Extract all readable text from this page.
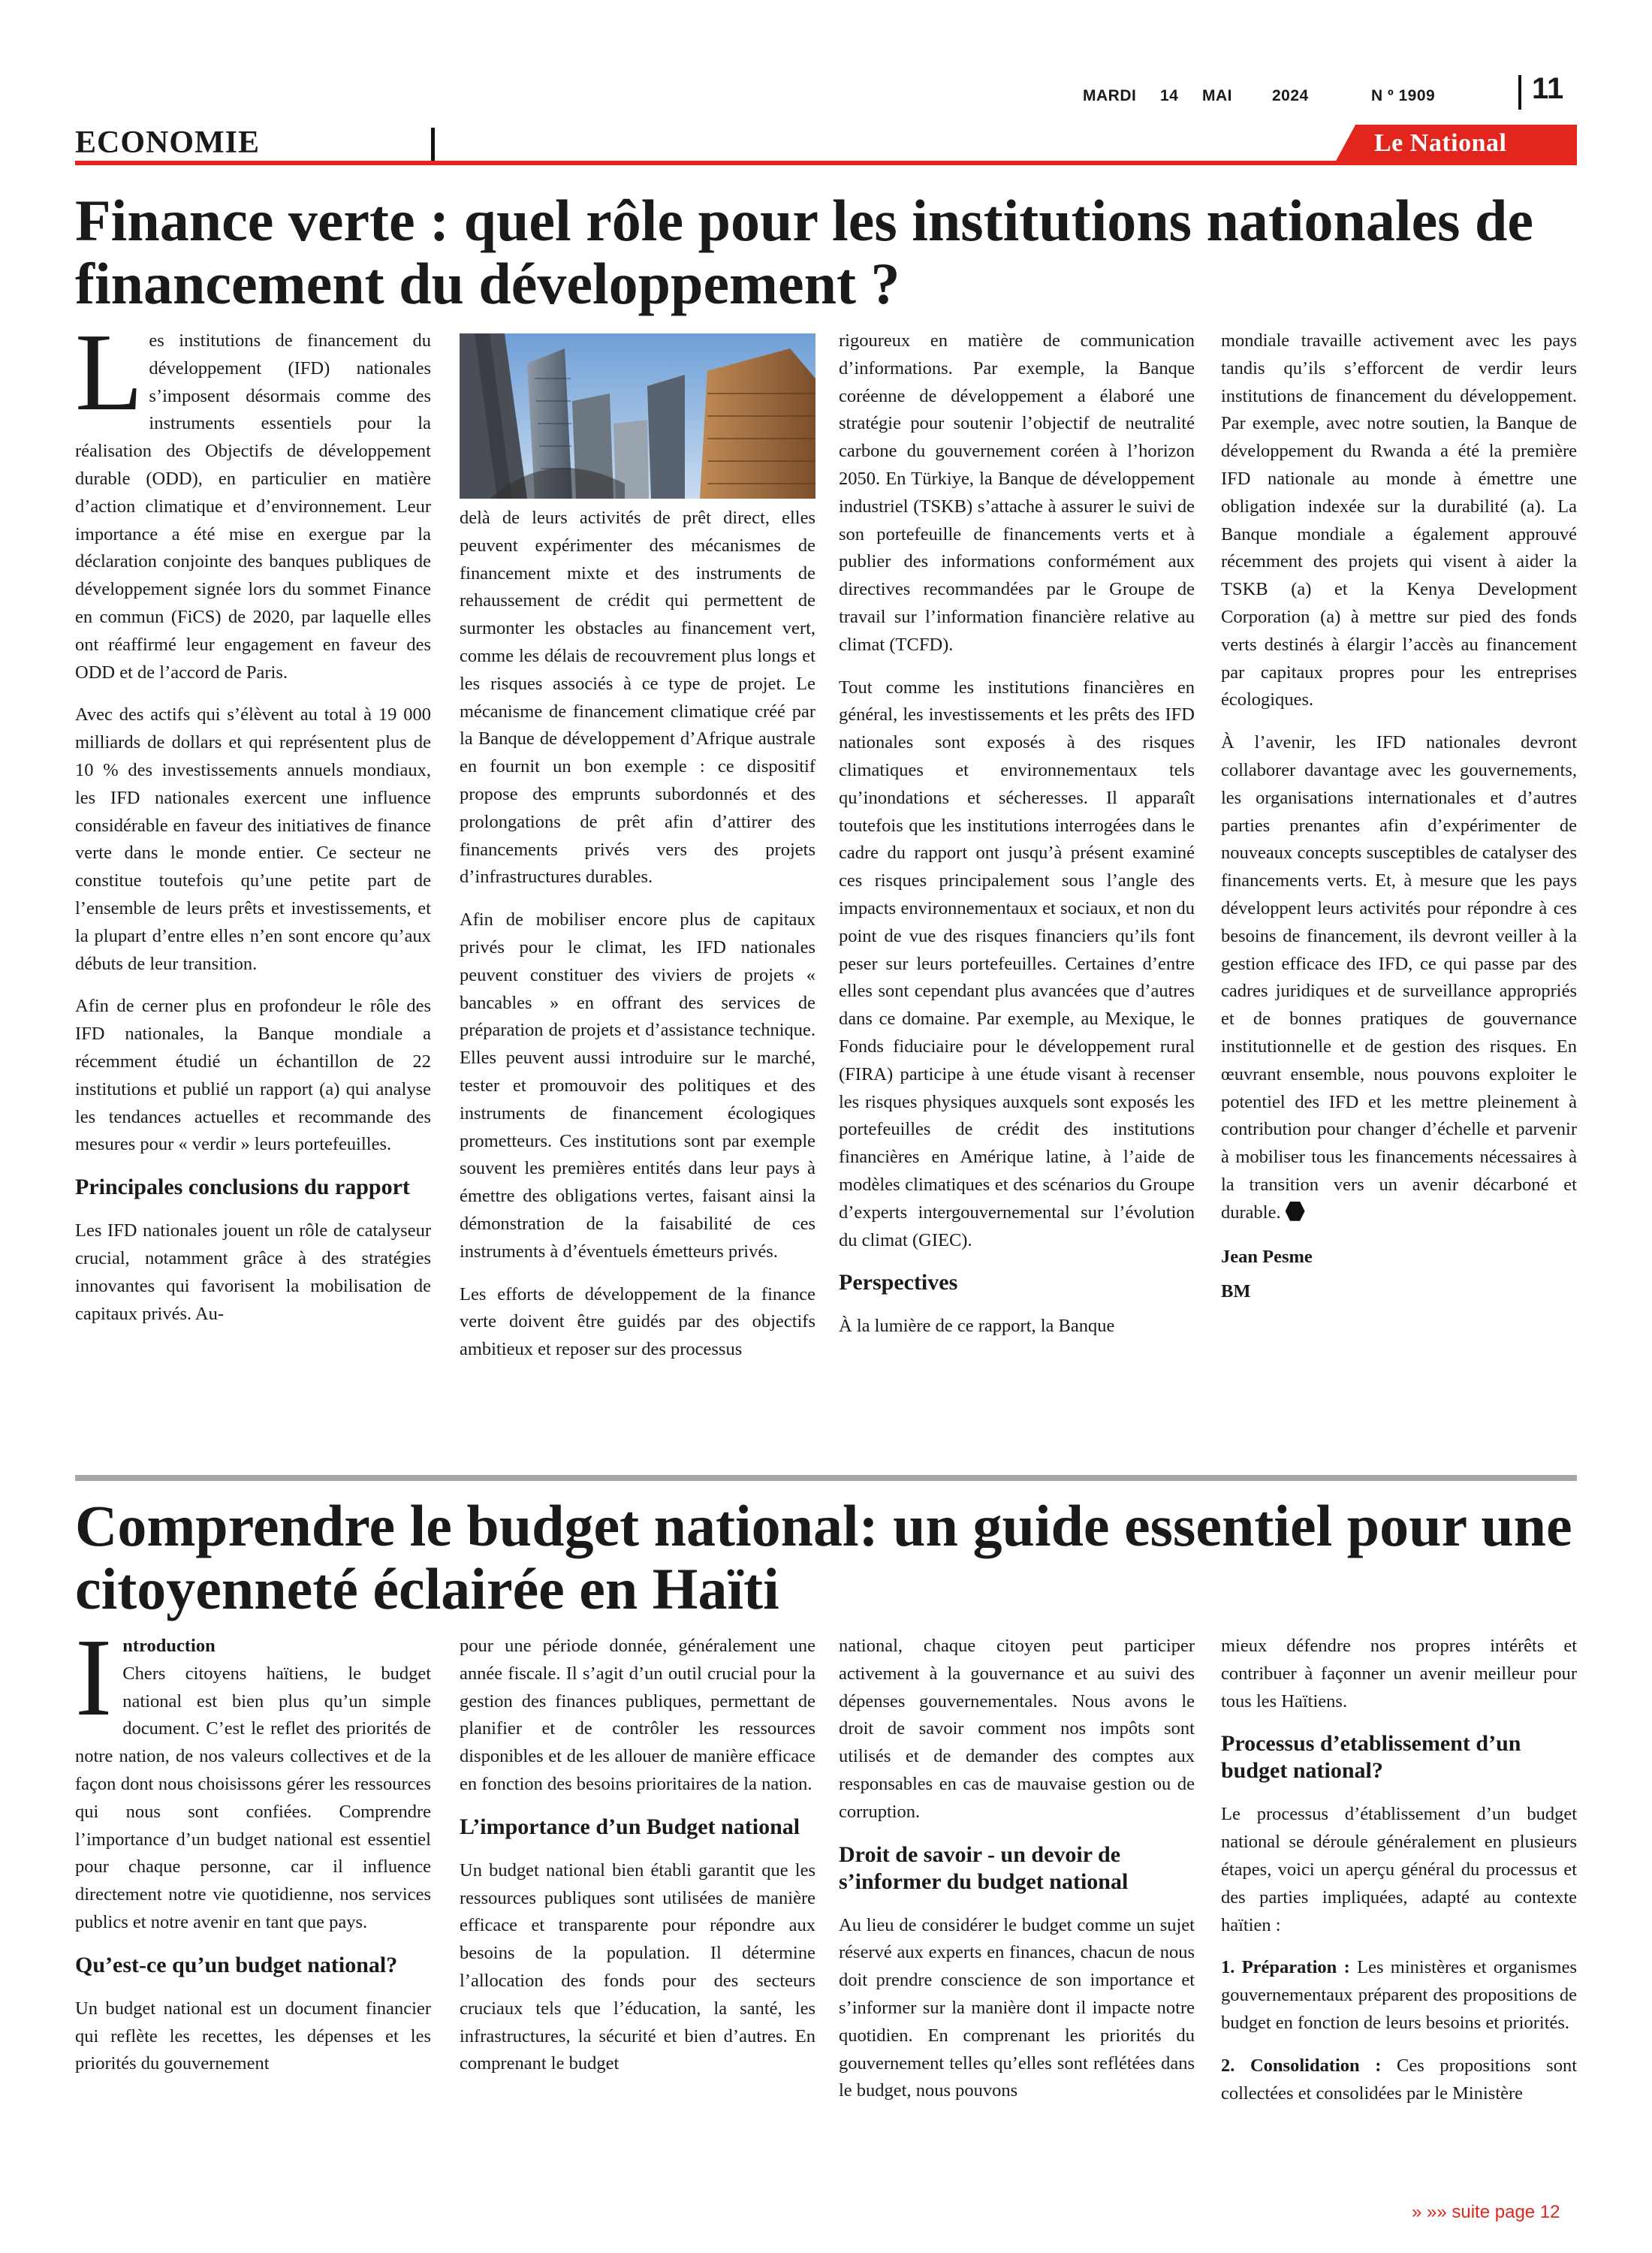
MARDI 14 MAI	2024	N º 1909	11
ECONOMIE	Le National
Finance verte : quel rôle pour les institutions nationales de financement du développement ?

Les institutions de financement du développement (IFD) nationales s’imposent désormais comme des instruments essentiels pour la réalisation des Objectifs de développement durable (ODD), en particulier en matière d’action climatique et d’environnement. Leur importance a été mise en exergue par la déclaration conjointe des banques publiques de développement signée lors du sommet Finance en commun (FiCS) de 2020, par laquelle elles ont réaffirmé leur engagement en faveur des ODD et de l’accord de Paris.

Avec des actifs qui s’élèvent au total à 19 000 milliards de dollars et qui représentent plus de 10 % des investissements annuels mondiaux, les IFD nationales exercent une influence considérable en faveur des initiatives de finance verte dans le monde entier. Ce secteur ne constitue toutefois qu’une petite part de l’ensemble de leurs prêts et investissements, et la plupart d’entre elles n’en sont encore qu’aux débuts de leur transition.

Afin de cerner plus en profondeur le rôle des IFD nationales, la Banque mondiale a récemment étudié un échantillon de 22 institutions et publié un rapport (a) qui analyse les tendances actuelles et recommande des mesures pour « verdir » leurs portefeuilles.

Principales conclusions du rapport

Les IFD nationales jouent un rôle de catalyseur crucial, notamment grâce à des stratégies innovantes qui favorisent la mobilisation de capitaux privés. Au-

delà de leurs activités de prêt direct, elles peuvent expérimenter des mécanismes de financement mixte et des instruments de rehaussement de crédit qui permettent de surmonter les obstacles au financement vert, comme les délais de recouvrement plus longs et les risques associés à ce type de projet. Le mécanisme de financement climatique créé par la Banque de développement d’Afrique australe en fournit un bon exemple : ce dispositif propose des emprunts subordonnés et des prolongations de prêt afin d’attirer des financements privés vers des projets d’infrastructures durables.

Afin de mobiliser encore plus de capitaux privés pour le climat, les IFD nationales peuvent constituer des viviers de projets « bancables » en offrant des services de préparation de projets et d’assistance technique. Elles peuvent aussi introduire sur le marché, tester et promouvoir des politiques et des instruments de financement écologiques prometteurs. Ces institutions sont par exemple souvent les premières entités dans leur pays à émettre des obligations vertes, faisant ainsi la démonstration de la faisabilité de ces instruments à d’éventuels émetteurs privés.

Les efforts de développement de la finance verte doivent être guidés par des objectifs ambitieux et reposer sur des processus

rigoureux en matière de communication d’informations. Par exemple, la Banque coréenne de développement a élaboré une stratégie pour soutenir l’objectif de neutralité carbone du gouvernement coréen à l’horizon 2050. En Türkiye, la Banque de développement industriel (TSKB) s’attache à assurer le suivi de son portefeuille de financements verts et à publier des informations conformément aux directives recommandées par le Groupe de travail sur l’information financière relative au climat (TCFD).

Tout comme les institutions financières en général, les investissements et les prêts des IFD nationales sont exposés à des risques climatiques et environnementaux tels qu’inondations et sécheresses. Il apparaît toutefois que les institutions interrogées dans le cadre du rapport ont jusqu’à présent examiné ces risques principalement sous l’angle des impacts environnementaux et sociaux, et non du point de vue des risques financiers qu’ils font peser sur leurs portefeuilles. Certaines d’entre elles sont cependant plus avancées que d’autres dans ce domaine. Par exemple, au Mexique, le Fonds fiduciaire pour le développement rural (FIRA) participe à une étude visant à recenser les risques physiques auxquels sont exposés les portefeuilles de crédit des institutions financières en Amérique latine, à l’aide de modèles climatiques et des scénarios du Groupe d’experts intergouvernemental sur l’évolution du climat (GIEC).

Perspectives

À la lumière de ce rapport, la Banque

mondiale travaille activement avec les pays tandis qu’ils s’efforcent de verdir leurs institutions de financement du développement. Par exemple, avec notre soutien, la Banque de développement du Rwanda a été la première IFD nationale au monde à émettre une obligation indexée sur la durabilité (a). La Banque mondiale a également approuvé récemment des projets qui visent à aider la TSKB (a) et la Kenya Development Corporation (a) à mettre sur pied des fonds verts destinés à élargir l’accès au financement par capitaux propres pour les entreprises écologiques.

À l’avenir, les IFD nationales devront collaborer davantage avec les gouvernements, les organisations internationales et d’autres parties prenantes afin d’expérimenter de nouveaux concepts susceptibles de catalyser des financements verts. Et, à mesure que les pays développent leurs activités pour répondre à ces besoins de financement, ils devront veiller à la gestion efficace des IFD, ce qui passe par des cadres juridiques et de surveillance appropriés et de bonnes pratiques de gouvernance institutionnelle et de gestion des risques. En œuvrant ensemble, nous pouvons exploiter le potentiel des IFD et les mettre pleinement à contribution pour changer d’échelle et parvenir à mobiliser tous les financements nécessaires à la transition vers un avenir décarboné et durable.

Jean Pesme
BM
Comprendre le budget national: un guide essentiel pour une citoyenneté éclairée en Haïti

Introduction
Chers citoyens haïtiens, le budget national est bien plus qu’un simple document. C’est le reflet des priorités de notre nation, de nos valeurs collectives et de la façon dont nous choisissons gérer les ressources qui nous sont confiées. Comprendre l’importance d’un budget national est essentiel pour chaque personne, car il influence directement notre vie quotidienne, nos services publics et notre avenir en tant que pays.

Qu’est-ce qu’un budget national?

Un budget national est un document financier qui reflète les recettes, les dépenses et les priorités du gouvernement

pour une période donnée, généralement une année fiscale. Il s’agit d’un outil crucial pour la gestion des finances publiques, permettant de planifier et de contrôler les ressources disponibles et de les allouer de manière efficace en fonction des besoins prioritaires de la nation.

L’importance d’un Budget national

Un budget national bien établi garantit que les ressources publiques sont utilisées de manière efficace et transparente pour répondre aux besoins de la population. Il détermine l’allocation des fonds pour des secteurs cruciaux tels que l’éducation, la santé, les infrastructures, la sécurité et bien d’autres. En comprenant le budget

national, chaque citoyen peut participer activement à la gouvernance et au suivi des dépenses gouvernementales. Nous avons le droit de savoir comment nos impôts sont utilisés et de demander des comptes aux responsables en cas de mauvaise gestion ou de corruption.

Droit de savoir - un devoir de s’informer du budget national

Au lieu de considérer le budget comme un sujet réservé aux experts en finances, chacun de nous doit prendre conscience de son importance et s’informer sur la manière dont il impacte notre quotidien. En comprenant les priorités du gouvernement telles qu’elles sont reflétées dans le budget, nous pouvons

mieux défendre nos propres intérêts et contribuer à façonner un avenir meilleur pour tous les Haïtiens.

Processus d’etablissement d’un budget national?

Le processus d’établissement d’un budget national se déroule généralement en plusieurs étapes, voici un aperçu général du processus et des parties impliquées, adapté au contexte haïtien :

1. Préparation : Les ministères et organismes gouvernementaux préparent des propositions de budget en fonction de leurs besoins et priorités.

2. Consolidation : Ces propositions sont collectées et consolidées par le Ministère

» »» suite page 12
